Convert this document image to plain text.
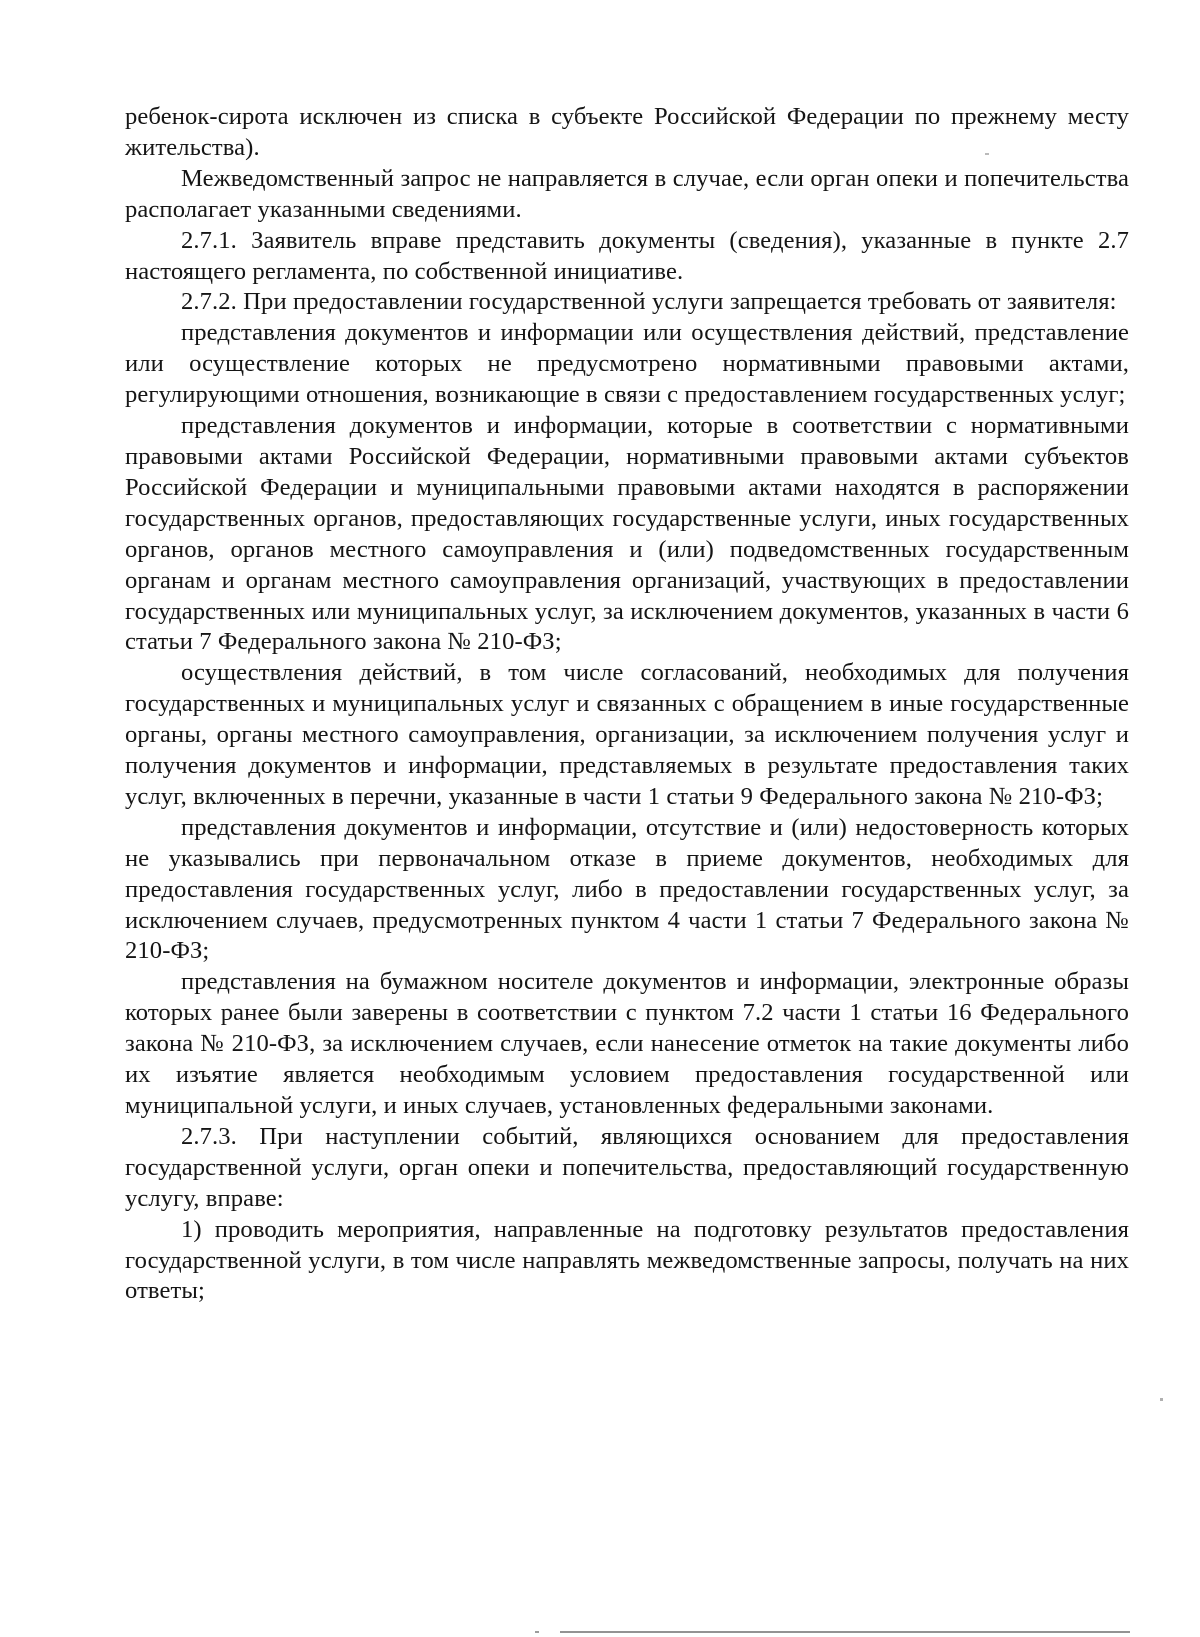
ребенок-сирота исключен из списка в субъекте Российской Федерации по прежнему месту жительства).

Межведомственный запрос не направляется в случае, если орган опеки и попечительства располагает указанными сведениями.

2.7.1. Заявитель вправе представить документы (сведения), указанные в пункте 2.7 настоящего регламента, по собственной инициативе.

2.7.2. При предоставлении государственной услуги запрещается требовать от заявителя:

представления документов и информации или осуществления действий, представление или осуществление которых не предусмотрено нормативными правовыми актами, регулирующими отношения, возникающие в связи с предоставлением государственных услуг;

представления документов и информации, которые в соответствии с нормативными правовыми актами Российской Федерации, нормативными правовыми актами субъектов Российской Федерации и муниципальными правовыми актами находятся в распоряжении государственных органов, предоставляющих государственные услуги, иных государственных органов, органов местного самоуправления и (или) подведомственных государственным органам и органам местного самоуправления организаций, участвующих в предоставлении государственных или муниципальных услуг, за исключением документов, указанных в части 6 статьи 7 Федерального закона № 210-ФЗ;

осуществления действий, в том числе согласований, необходимых для получения государственных и муниципальных услуг и связанных с обращением в иные государственные органы, органы местного самоуправления, организации, за исключением получения услуг и получения документов и информации, представляемых в результате предоставления таких услуг, включенных в перечни, указанные в части 1 статьи 9 Федерального закона № 210-ФЗ;

представления документов и информации, отсутствие и (или) недостоверность которых не указывались при первоначальном отказе в приеме документов, необходимых для предоставления государственных услуг, либо в предоставлении государственных услуг, за исключением случаев, предусмотренных пунктом 4 части 1 статьи 7 Федерального закона № 210-ФЗ;

представления на бумажном носителе документов и информации, электронные образы которых ранее были заверены в соответствии с пунктом 7.2 части 1 статьи 16 Федерального закона № 210-ФЗ, за исключением случаев, если нанесение отметок на такие документы либо их изъятие является необходимым условием предоставления государственной или муниципальной услуги, и иных случаев, установленных федеральными законами.

2.7.3. При наступлении событий, являющихся основанием для предоставления государственной услуги, орган опеки и попечительства, предоставляющий государственную услугу, вправе:

1) проводить мероприятия, направленные на подготовку результатов предоставления государственной услуги, в том числе направлять межведомственные запросы, получать на них ответы;
